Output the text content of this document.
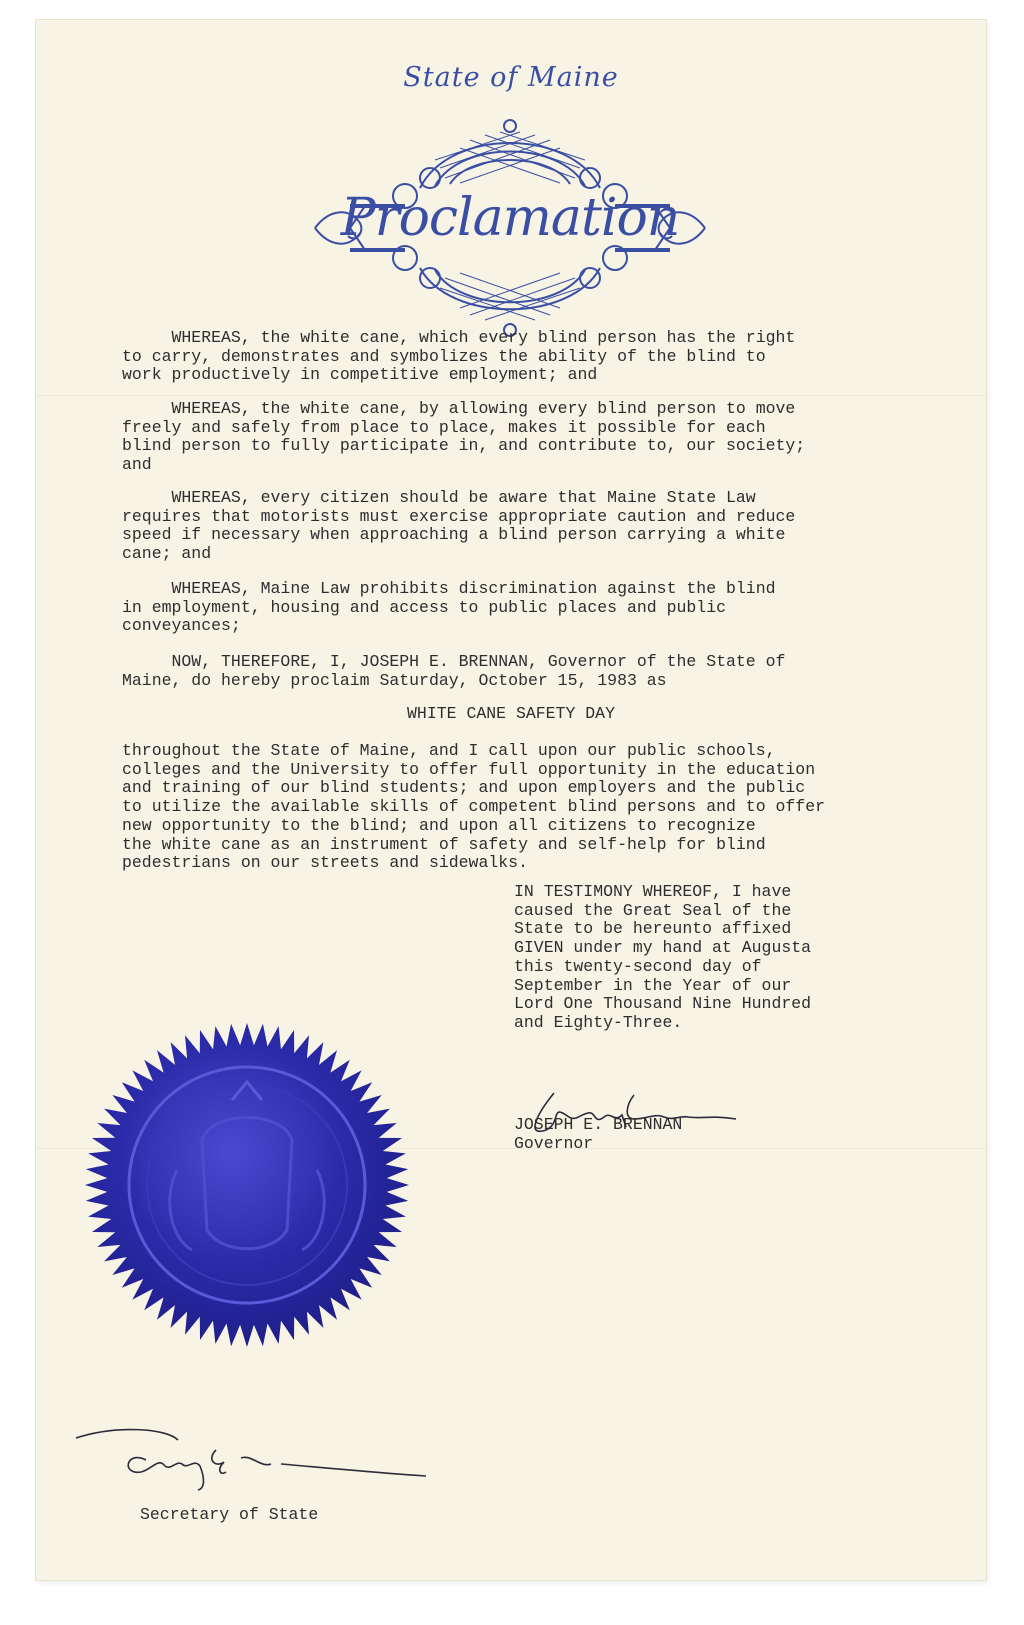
State of Maine
Proclamation
WHEREAS, the white cane, which every blind person has the right
to carry, demonstrates and symbolizes the ability of the blind to
work productively in competitive employment; and
WHEREAS, the white cane, by allowing every blind person to move
freely and safely from place to place, makes it possible for each
blind person to fully participate in, and contribute to, our society;
and
WHEREAS, every citizen should be aware that Maine State Law
requires that motorists must exercise appropriate caution and reduce
speed if necessary when approaching a blind person carrying a white
cane; and
WHEREAS, Maine Law prohibits discrimination against the blind
in employment, housing and access to public places and public
conveyances;
NOW, THEREFORE, I, JOSEPH E. BRENNAN, Governor of the State of
Maine, do hereby proclaim Saturday, October 15, 1983 as
WHITE CANE SAFETY DAY
throughout the State of Maine, and I call upon our public schools,
colleges and the University to offer full opportunity in the education
and training of our blind students; and upon employers and the public
to utilize the available skills of competent blind persons and to offer
new opportunity to the blind; and upon all citizens to recognize
the white cane as an instrument of safety and self-help for blind
pedestrians on our streets and sidewalks.
IN TESTIMONY WHEREOF, I have
caused the Great Seal of the
State to be hereunto affixed
GIVEN under my hand at Augusta
this twenty-second day of
September in the Year of our
Lord One Thousand Nine Hundred
and Eighty-Three.
JOSEPH E. BRENNAN
Governor
Secretary of State
